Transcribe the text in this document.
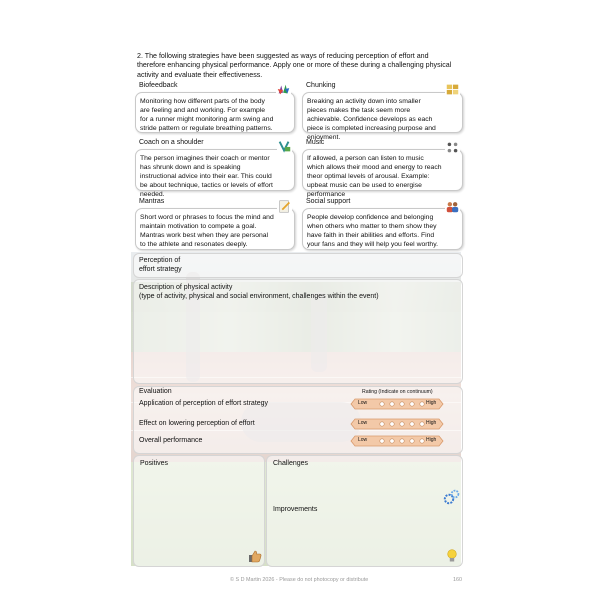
2. The following strategies have been suggested as ways of reducing perception of effort and therefore enhancing physical performance. Apply one or more of these during a challenging physical activity and evaluate their effectiveness.
Biofeedback
Monitoring how different parts of the body are feeling and and working. For example for a runner might monitoring arm swing and stride pattern or regulate breathing patterns.
Chunking
Breaking an activity down into smaller pieces makes the task seem more achievable. Confidence develops as each piece is completed increasing purpose and enjoyment.
Coach on a shoulder
The person imagines their coach or mentor has shrunk down and is speaking instructional advice into their ear. This could be about technique, tactics or levels of effort needed.
Music
If allowed, a person can listen to music which allows their mood and energy to reach theor optimal levels of arousal. Example: upbeat music can be used to energise performance
Mantras
Short word or phrases to focus the mind and maintain motivation to compete a goal. Mantras work best when they are personal to the athlete and resonates deeply.
Social support
People develop confidence and belonging when others who matter to them show they have faith in their abilities and efforts. Find your fans and they will help you feel worthy.
Perception of
effort strategy
Description of physical activity
(type of activity, physical and social environment, challenges within the event)
Evaluation	Rating (Indicate on continuum)
Application of perception of effort strategy	Low	High
Effect on lowering perception of effort	Low	High
Overall performance	Low	High
Positives	Challenges
Improvements
© S D Martin 2026 - Please do not photocopy or distribute	160
